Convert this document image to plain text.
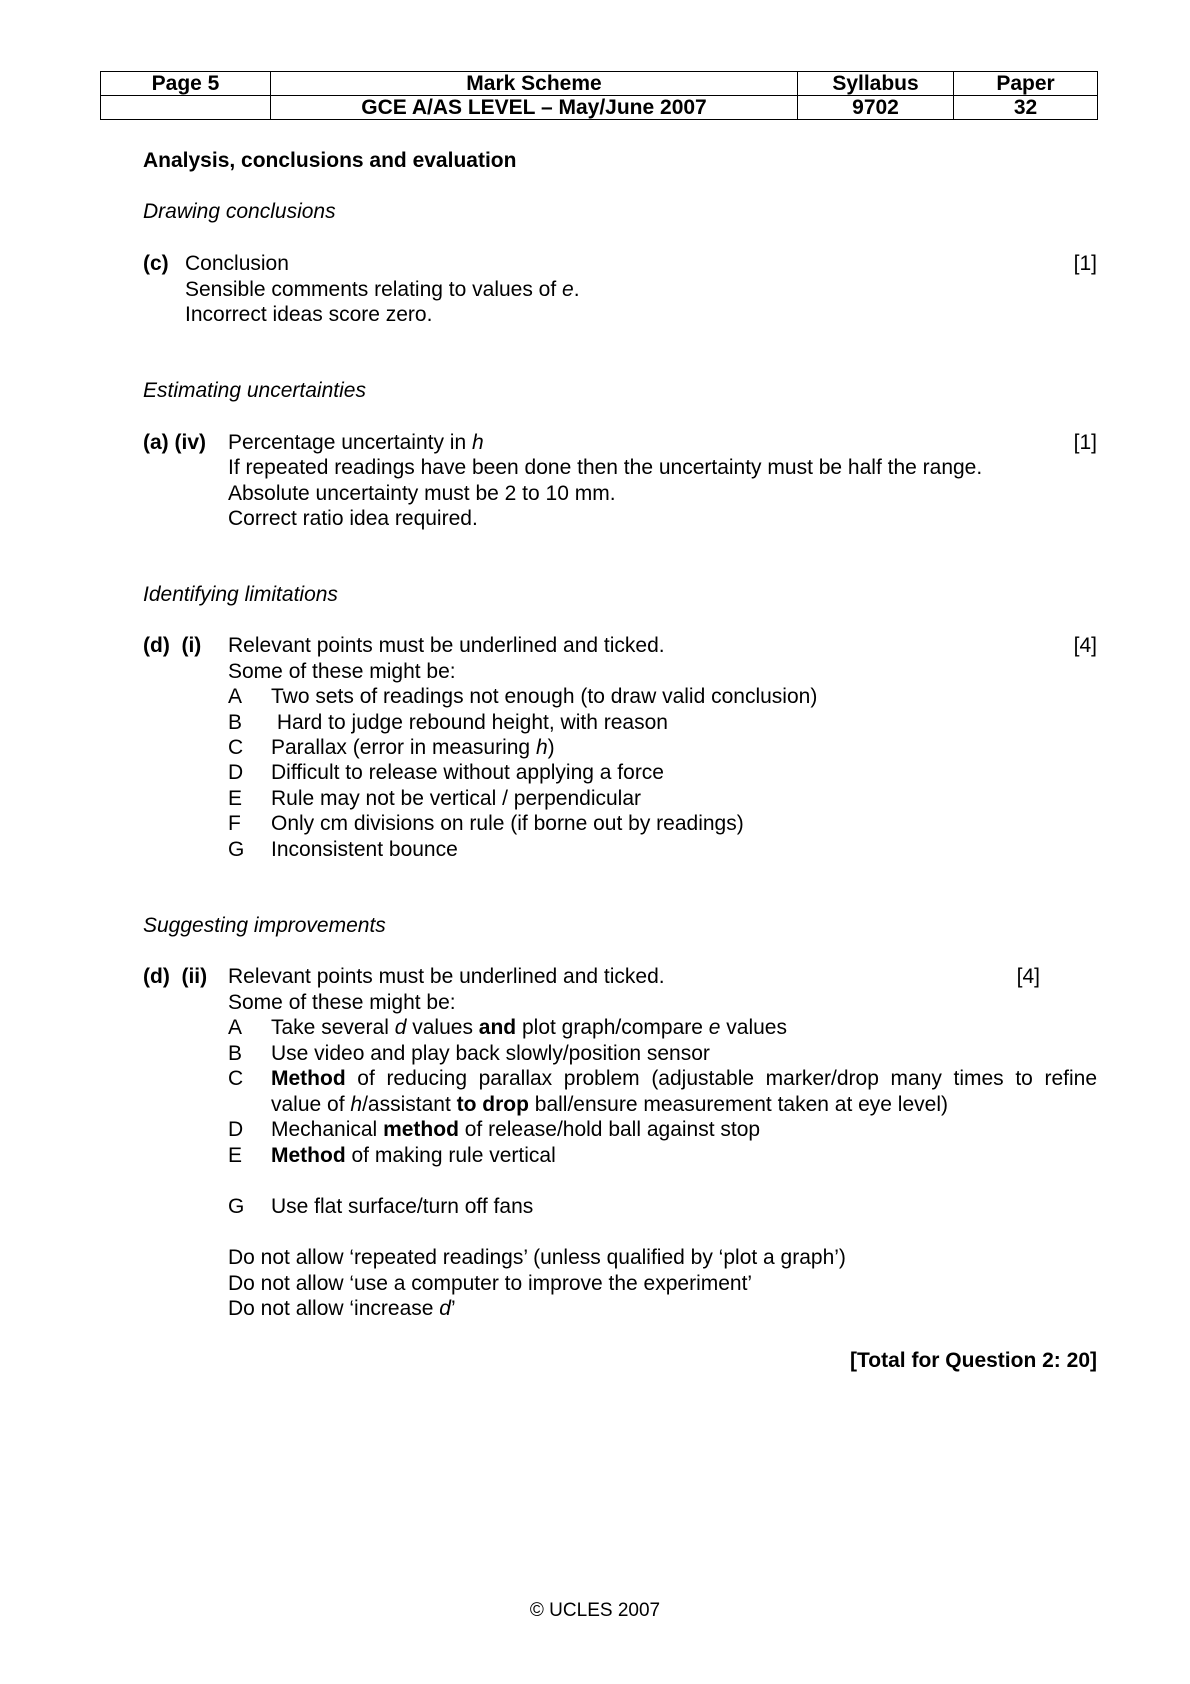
Page 5	Mark Scheme	Syllabus	Paper
	GCE A/AS LEVEL – May/June 2007	9702	32
Analysis, conclusions and evaluation
Drawing conclusions
(c) Conclusion	[1]
Sensible comments relating to values of e.
Incorrect ideas score zero.
Estimating uncertainties
(a) (iv) Percentage uncertainty in h	[1]
If repeated readings have been done then the uncertainty must be half the range.
Absolute uncertainty must be 2 to 10 mm.
Correct ratio idea required.
Identifying limitations
(d)  (i) Relevant points must be underlined and ticked.	[4]
Some of these might be:
A Two sets of readings not enough (to draw valid conclusion)
B Hard to judge rebound height, with reason
C Parallax (error in measuring h)
D Difficult to release without applying a force
E Rule may not be vertical / perpendicular
F Only cm divisions on rule (if borne out by readings)
G Inconsistent bounce
Suggesting improvements
(d)  (ii) Relevant points must be underlined and ticked.	[4]
Some of these might be:
A Take several d values and plot graph/compare e values
B Use video and play back slowly/position sensor
C Method of reducing parallax problem (adjustable marker/drop many times to refine
value of h/assistant to drop ball/ensure measurement taken at eye level)
D Mechanical method of release/hold ball against stop
E Method of making rule vertical
G Use flat surface/turn off fans
Do not allow ‘repeated readings’ (unless qualified by ‘plot a graph’)
Do not allow ‘use a computer to improve the experiment’
Do not allow ‘increase d’
[Total for Question 2: 20]
© UCLES 2007
